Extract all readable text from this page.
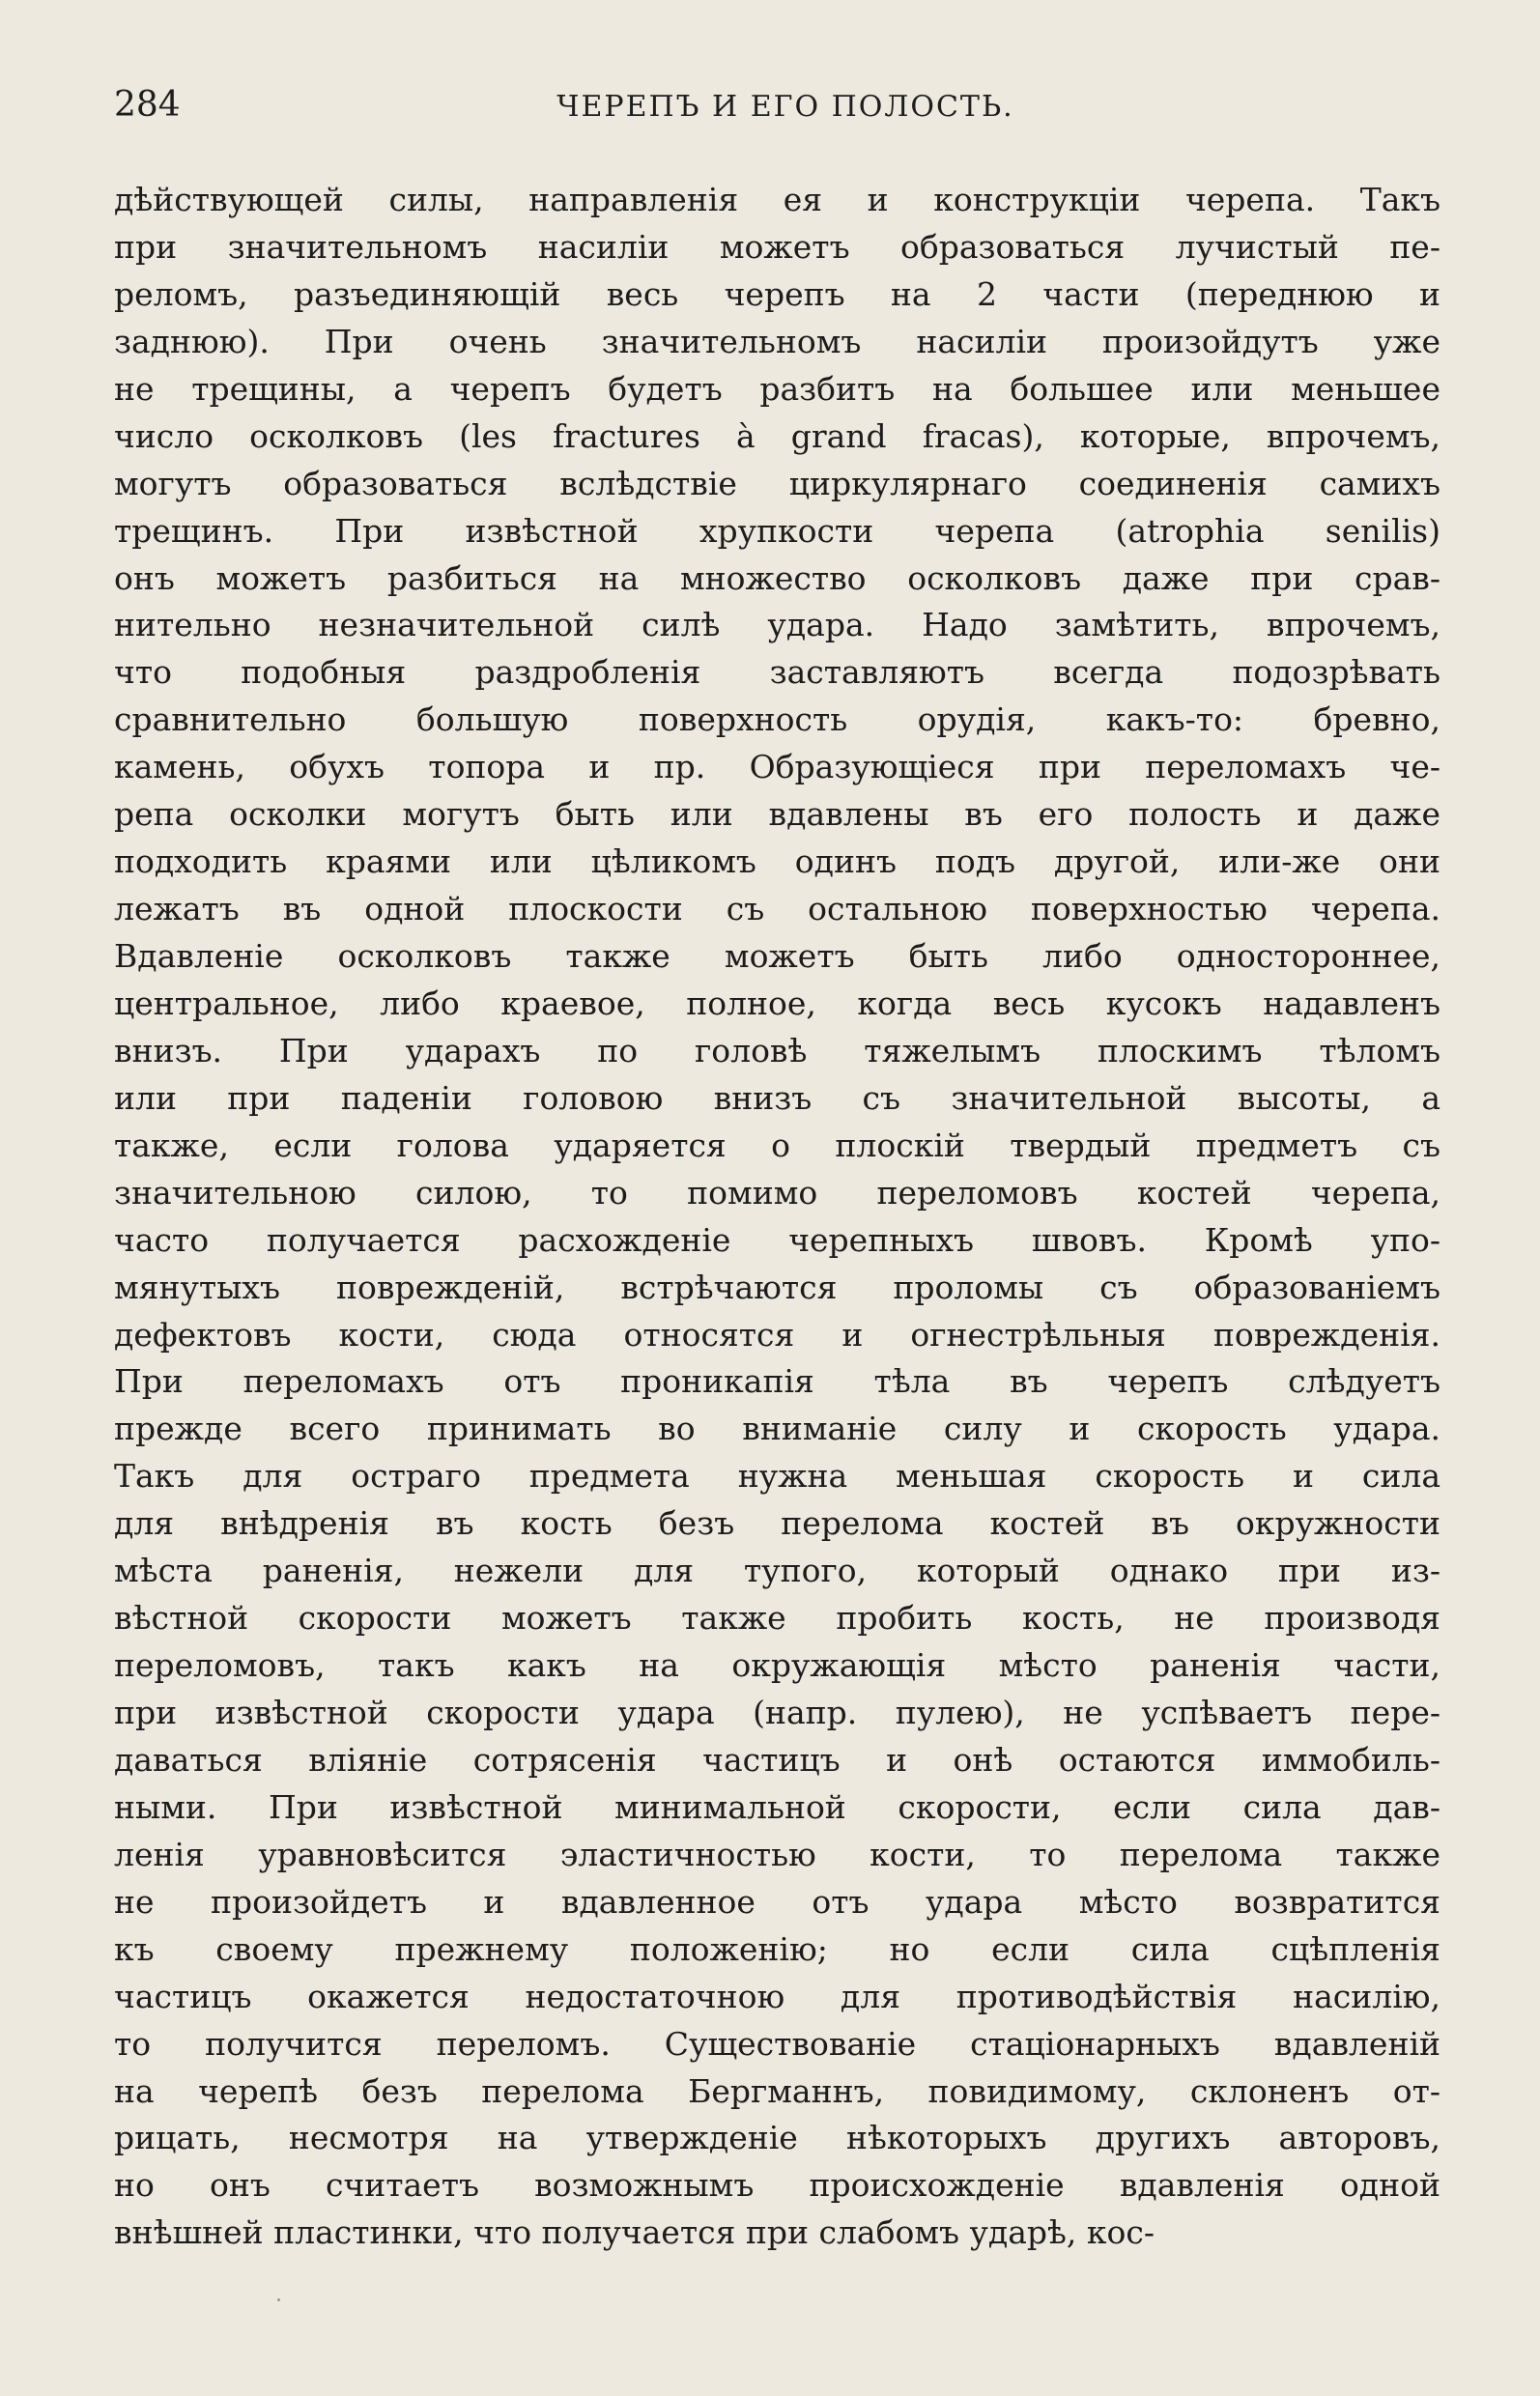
284	ЧЕРЕПЪ И ЕГО ПОЛОСТЬ.
дѣйствующей силы, направленія ея и конструкціи черепа. Такъ
при значительномъ насиліи можетъ образоваться лучистый пе-
реломъ, разъединяющій весь черепъ на 2 части (переднюю и
заднюю). При очень значительномъ насиліи произойдутъ уже
не трещины, а черепъ будетъ разбитъ на большее или меньшее
число осколковъ (les fractures à grand fracas), которые, впрочемъ,
могутъ образоваться вслѣдствіе циркулярнаго соединенія самихъ
трещинъ. При извѣстной хрупкости черепа (atrophia senilis)
онъ можетъ разбиться на множество осколковъ даже при срав-
нительно незначительной силѣ удара. Надо замѣтить, впрочемъ,
что подобныя раздробленія заставляютъ всегда подозрѣвать
сравнительно большую поверхность орудія, какъ-то: бревно,
камень, обухъ топора и пр. Образующіеся при переломахъ че-
репа осколки могутъ быть или вдавлены въ его полость и даже
подходить краями или цѣликомъ одинъ подъ другой, или-же они
лежатъ въ одной плоскости съ остальною поверхностью черепа.
Вдавленіе осколковъ также можетъ быть либо одностороннее,
центральное, либо краевое, полное, когда весь кусокъ надавленъ
внизъ. При ударахъ по головѣ тяжелымъ плоскимъ тѣломъ
или при паденіи головою внизъ съ значительной высоты, а
также, если голова ударяется о плоскій твердый предметъ съ
значительною силою, то помимо переломовъ костей черепа,
часто получается расхожденіе черепныхъ швовъ. Кромѣ упо-
мянутыхъ поврежденій, встрѣчаются проломы съ образованіемъ
дефектовъ кости, сюда относятся и огнестрѣльныя поврежденія.
При переломахъ отъ проникапія тѣла въ черепъ слѣдуетъ
прежде всего принимать во вниманіе силу и скорость удара.
Такъ для остраго предмета нужна меньшая скорость и сила
для внѣдренія въ кость безъ перелома костей въ окружности
мѣста раненія, нежели для тупого, который однако при из-
вѣстной скорости можетъ также пробить кость, не производя
переломовъ, такъ какъ на окружающія мѣсто раненія части,
при извѣстной скорости удара (напр. пулею), не успѣваетъ пере-
даваться вліяніе сотрясенія частицъ и онѣ остаются иммобиль-
ными. При извѣстной минимальной скорости, если сила дав-
ленія уравновѣсится эластичностью кости, то перелома также
не произойдетъ и вдавленное отъ удара мѣсто возвратится
къ своему прежнему положенію; но если сила сцѣпленія
частицъ окажется недостаточною для противодѣйствія насилію,
то получится переломъ. Существованіе стаціонарныхъ вдавленій
на черепѣ безъ перелома Бергманнъ, повидимому, склоненъ от-
рицать, несмотря на утвержденіе нѣкоторыхъ другихъ авторовъ,
но онъ считаетъ возможнымъ происхожденіе вдавленія одной
внѣшней пластинки, что получается при слабомъ ударѣ, кос-
